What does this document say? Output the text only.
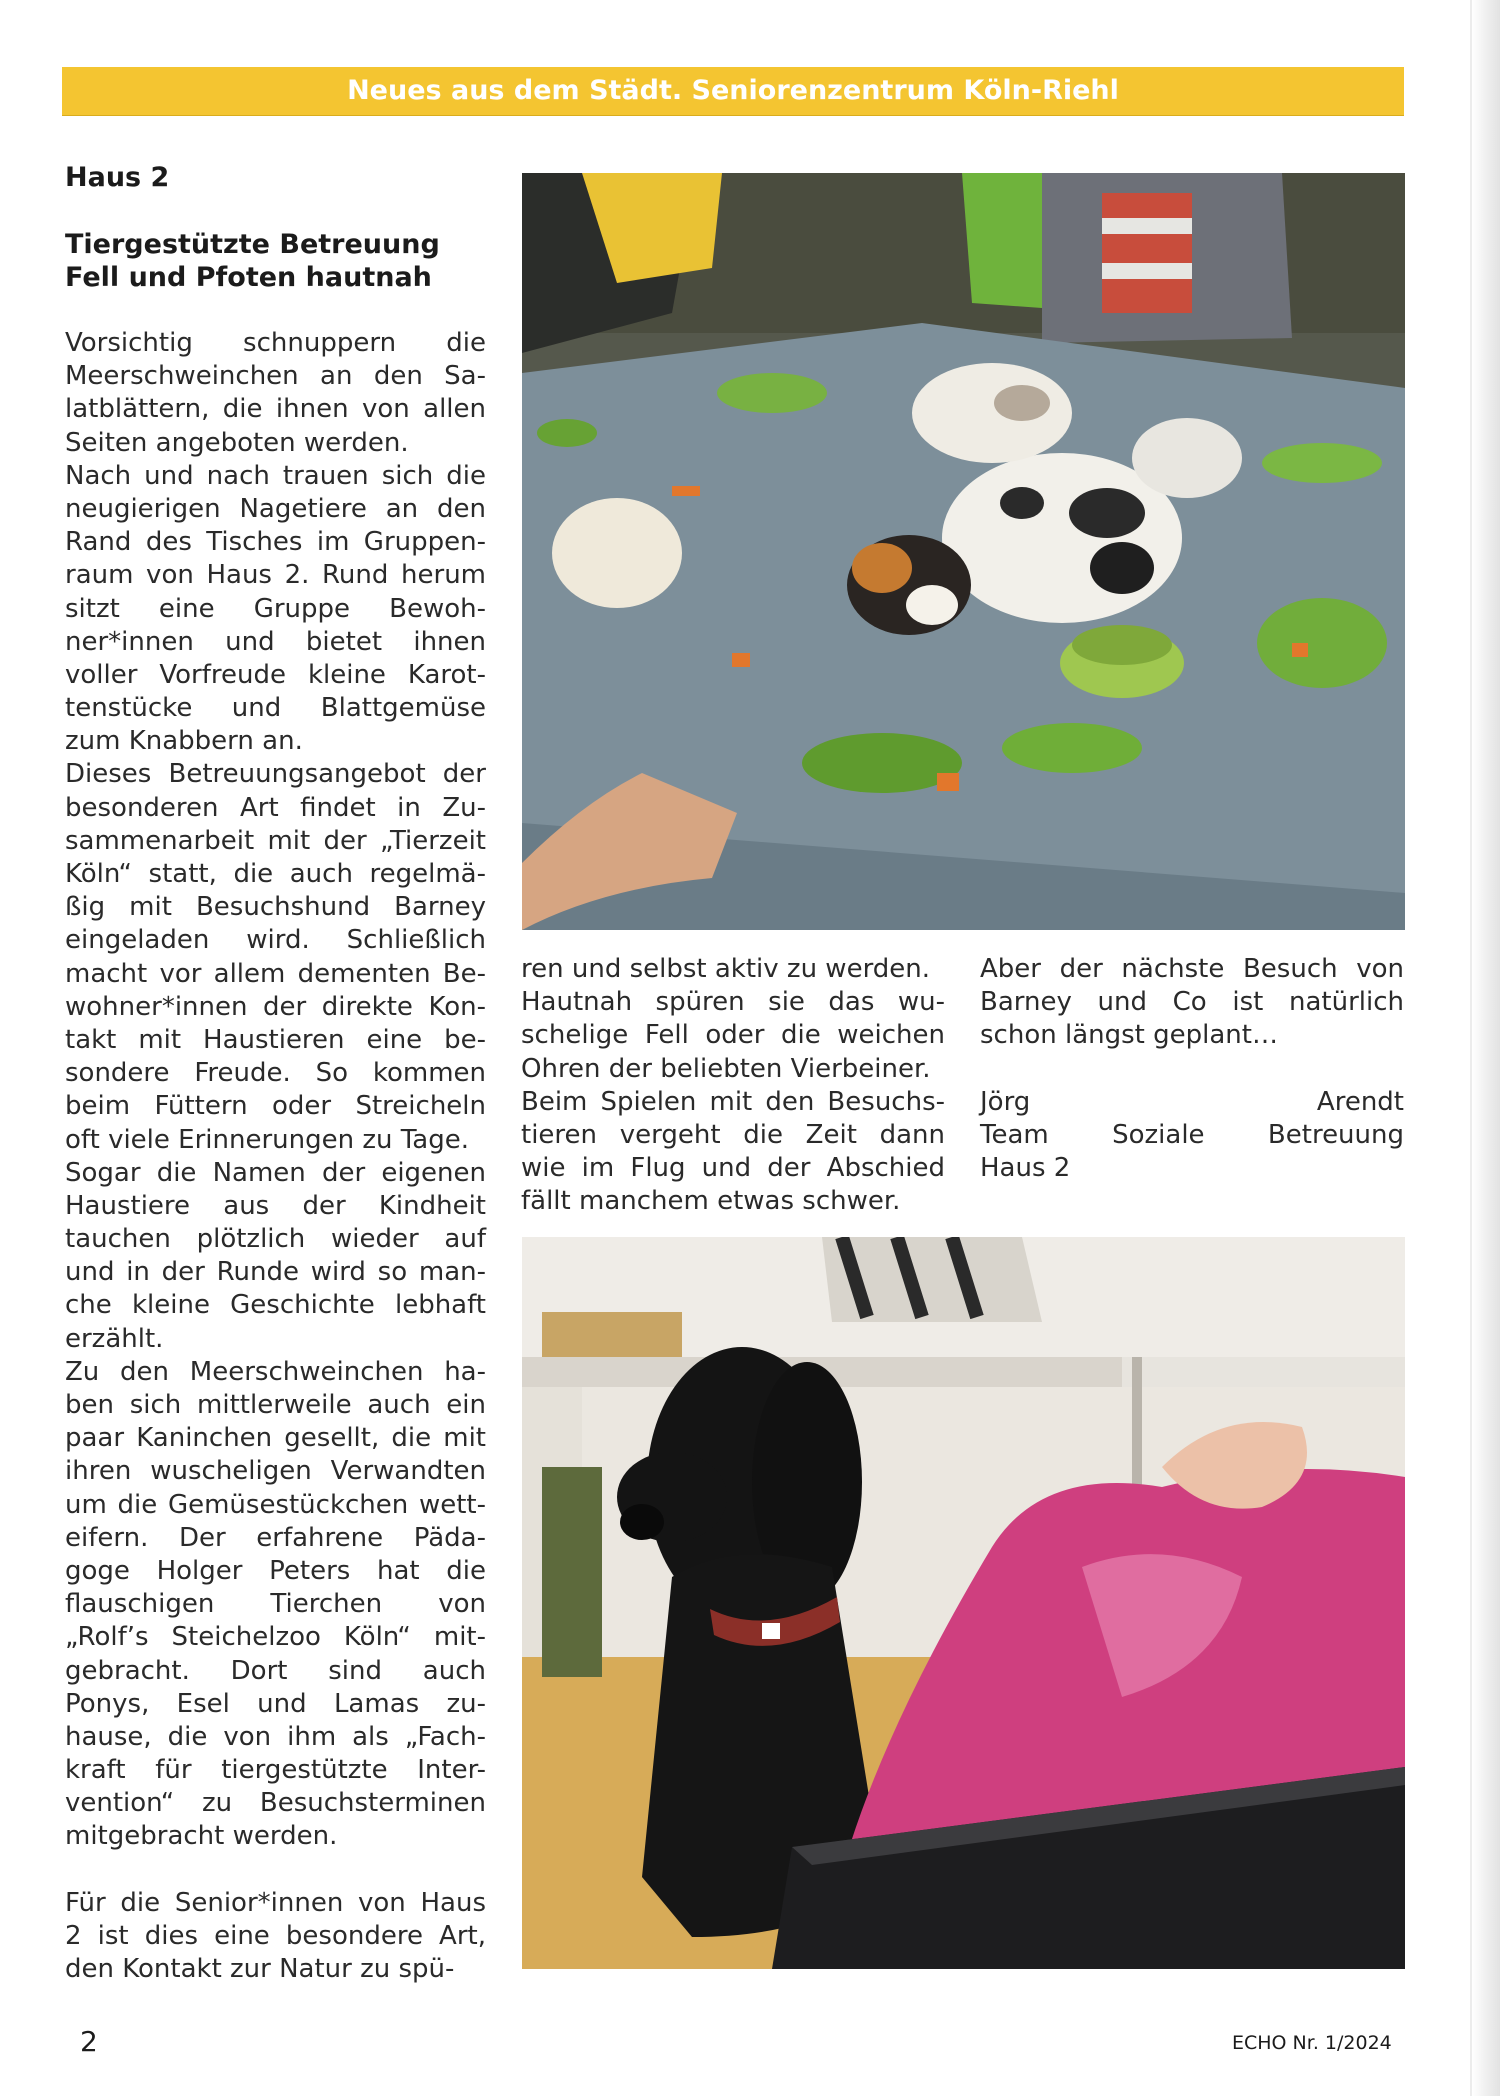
Neues aus dem Städt. Seniorenzentrum Köln-Riehl
Haus 2
Tiergestützte Betreuung
Fell und Pfoten hautnah
Vorsichtig schnuppern die
Meerschweinchen an den Sa-
latblättern, die ihnen von allen
Seiten angeboten werden.
Nach und nach trauen sich die
neugierigen Nagetiere an den
Rand des Tisches im Gruppen-
raum von Haus 2. Rund herum
sitzt eine Gruppe Bewoh-
ner*innen und bietet ihnen
voller Vorfreude kleine Karot-
tenstücke und Blattgemüse
zum Knabbern an.
Dieses Betreuungsangebot der
besonderen Art findet in Zu-
sammenarbeit mit der „Tierzeit
Köln“ statt, die auch regelmä-
ßig mit Besuchshund Barney
eingeladen wird. Schließlich
macht vor allem dementen Be-
wohner*innen der direkte Kon-
takt mit Haustieren eine be-
sondere Freude. So kommen
beim Füttern oder Streicheln
oft viele Erinnerungen zu Tage.
Sogar die Namen der eigenen
Haustiere aus der Kindheit
tauchen plötzlich wieder auf
und in der Runde wird so man-
che kleine Geschichte lebhaft
erzählt.
Zu den Meerschweinchen ha-
ben sich mittlerweile auch ein
paar Kaninchen gesellt, die mit
ihren wuscheligen Verwandten
um die Gemüsestückchen wett-
eifern. Der erfahrene Päda-
goge Holger Peters hat die
flauschigen Tierchen von
„Rolf’s Steichelzoo Köln“ mit-
gebracht. Dort sind auch
Ponys, Esel und Lamas zu-
hause, die von ihm als „Fach-
kraft für tiergestützte Inter-
vention“ zu Besuchsterminen
mitgebracht werden.
Für die Senior*innen von Haus
2 ist dies eine besondere Art,
den Kontakt zur Natur zu spü-
ren und selbst aktiv zu werden.
Hautnah spüren sie das wu-
schelige Fell oder die weichen
Ohren der beliebten Vierbeiner.
Beim Spielen mit den Besuchs-
tieren vergeht die Zeit dann
wie im Flug und der Abschied
fällt manchem etwas schwer.
Aber der nächste Besuch von
Barney und Co ist natürlich
schon längst geplant…
Jörg Arendt
Team Soziale Betreuung
Haus 2
2	ECHO Nr. 1/2024
